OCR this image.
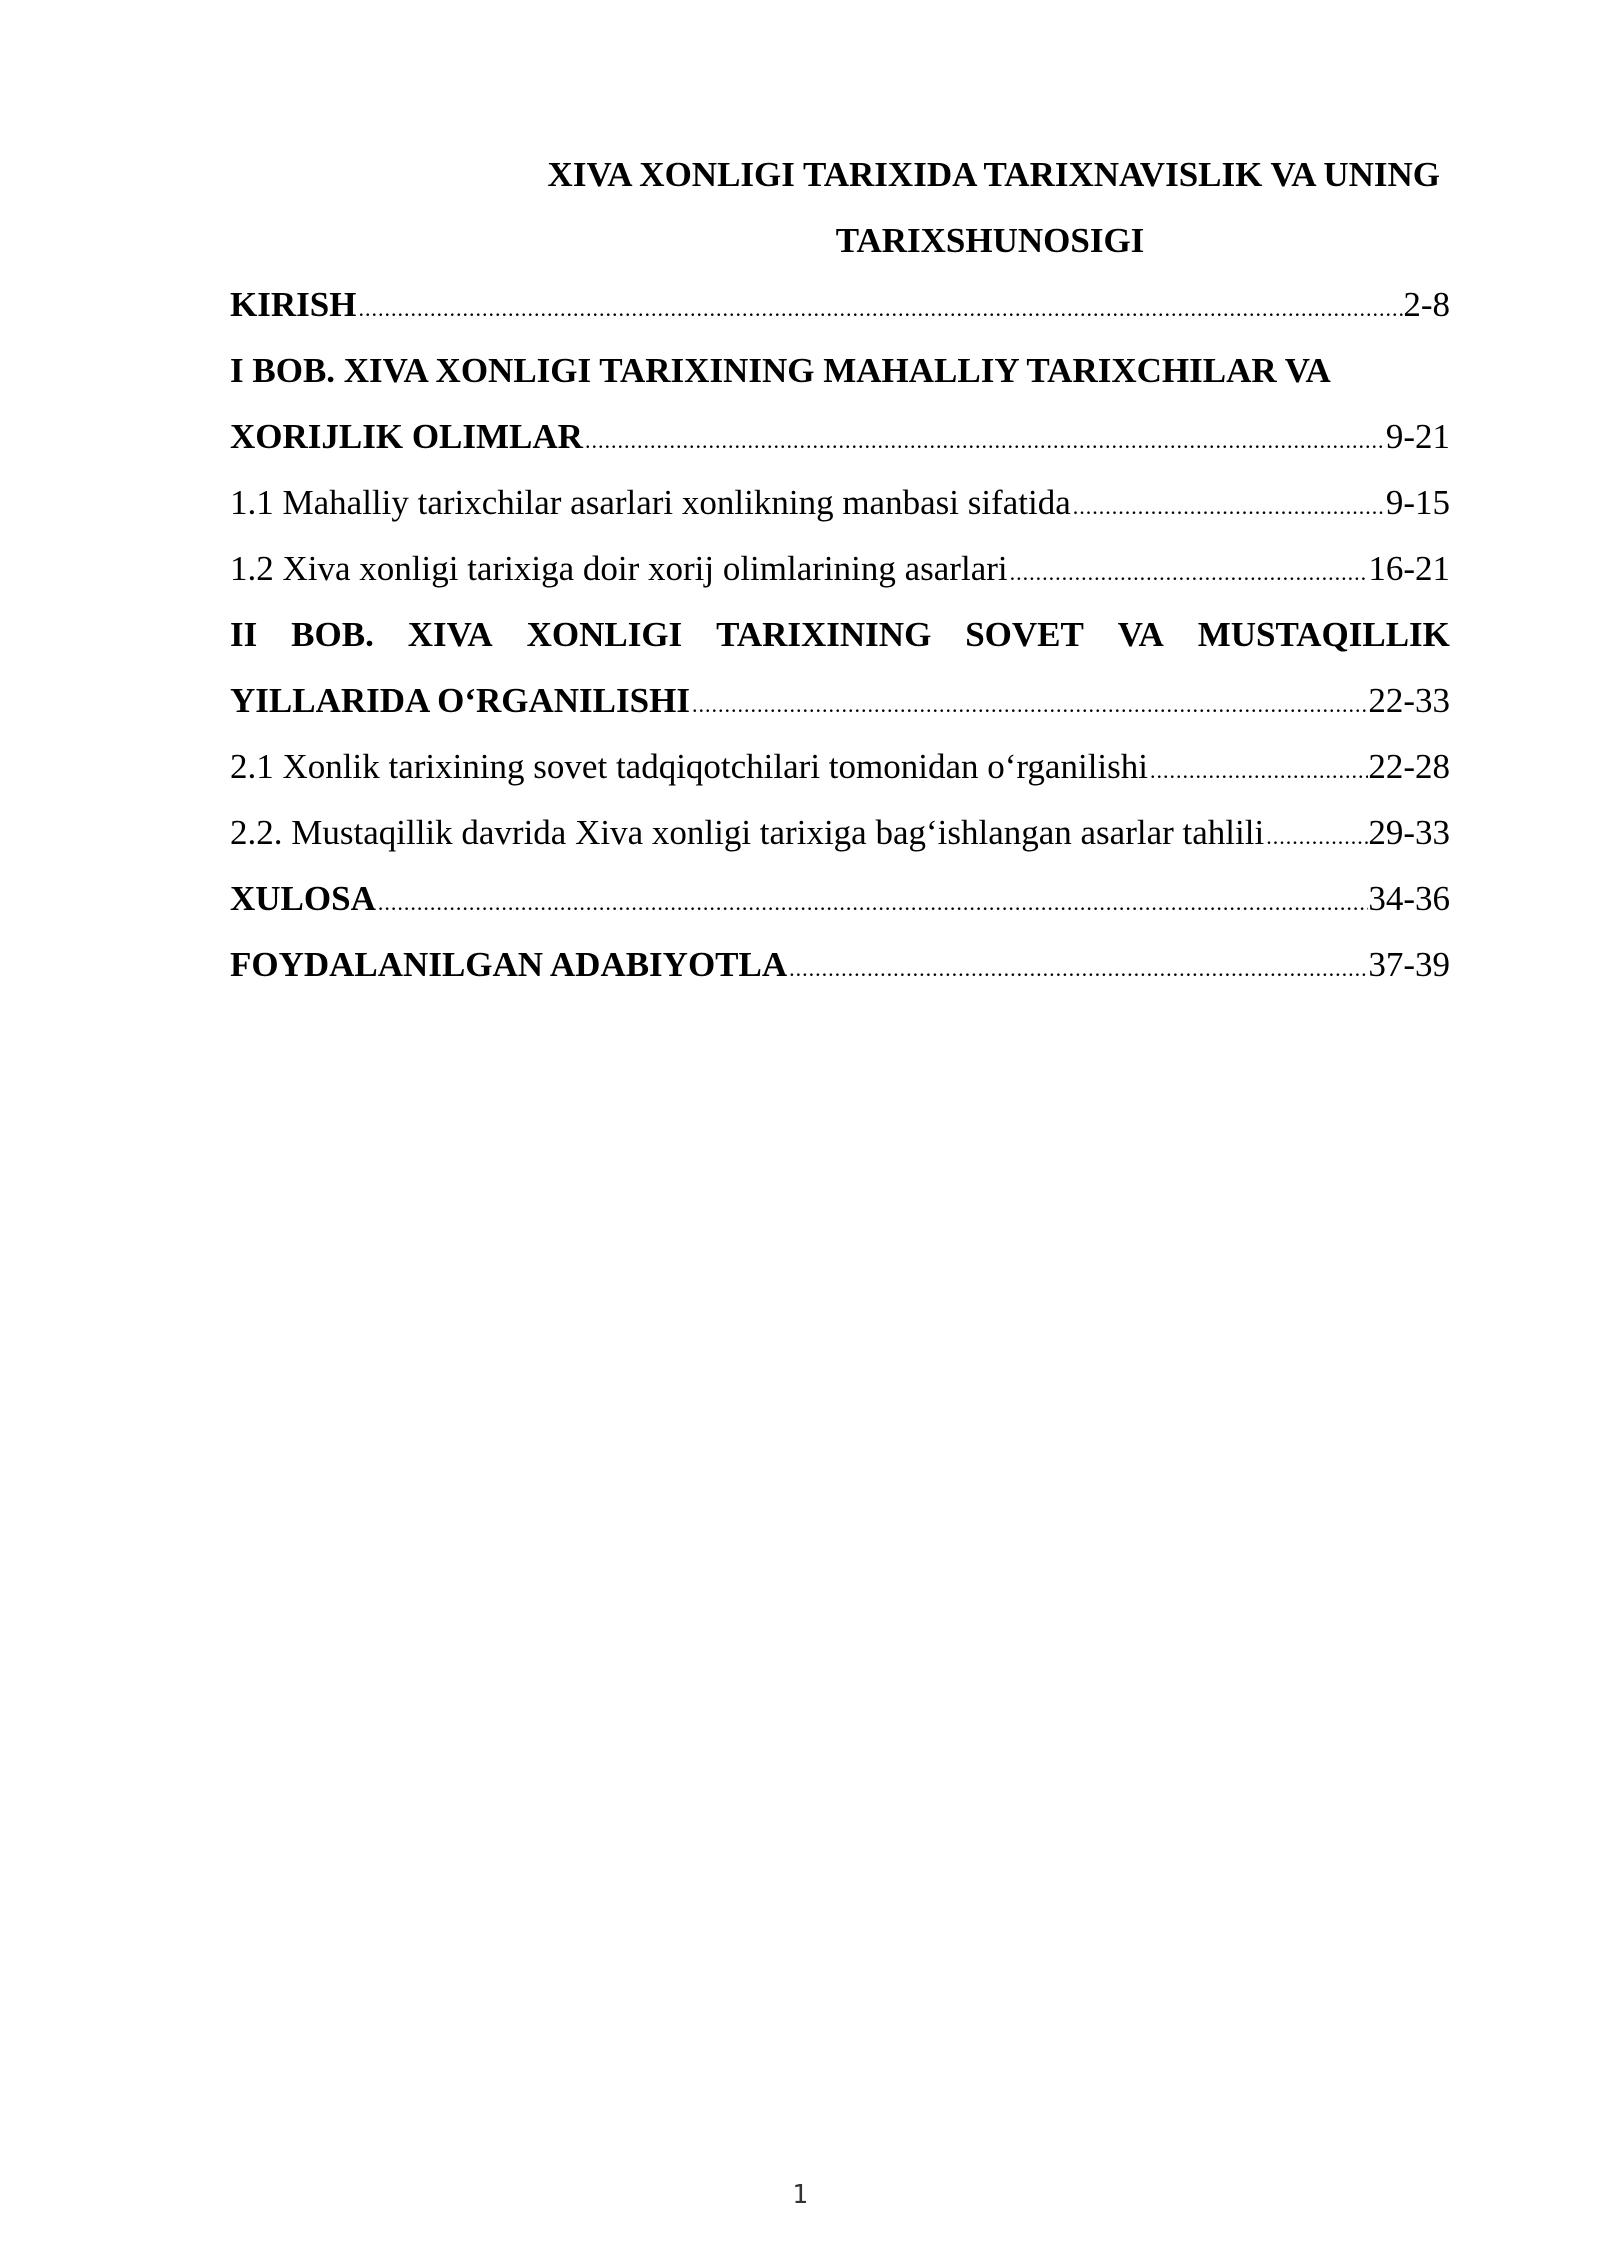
XIVA XONLIGI TARIXIDA TARIXNAVISLIK VA UNING
TARIXSHUNOSIGI
KIRISH .....	2-8
I BOB. XIVA XONLIGI TARIXINING MAHALLIY TARIXCHILAR VA
XORIJLIK OLIMLAR .....	9-21
1.1 Mahalliy tarixchilar asarlari xonlikning manbasi sifatida .....	9-15
1.2 Xiva xonligi tarixiga doir xorij olimlarining asarlari .....	16-21
II BOB. XIVA XONLIGI TARIXINING SOVET VA MUSTAQILLIK
YILLARIDA O‘RGANILISHI .....	22-33
2.1 Xonlik tarixining sovet tadqiqotchilari tomonidan o‘rganilishi .....	22-28
2.2. Mustaqillik davrida Xiva xonligi tarixiga bag‘ishlangan asarlar tahlili .....	29-33
XULOSA .....	34-36
FOYDALANILGAN ADABIYOTLA .....	37-39
1
